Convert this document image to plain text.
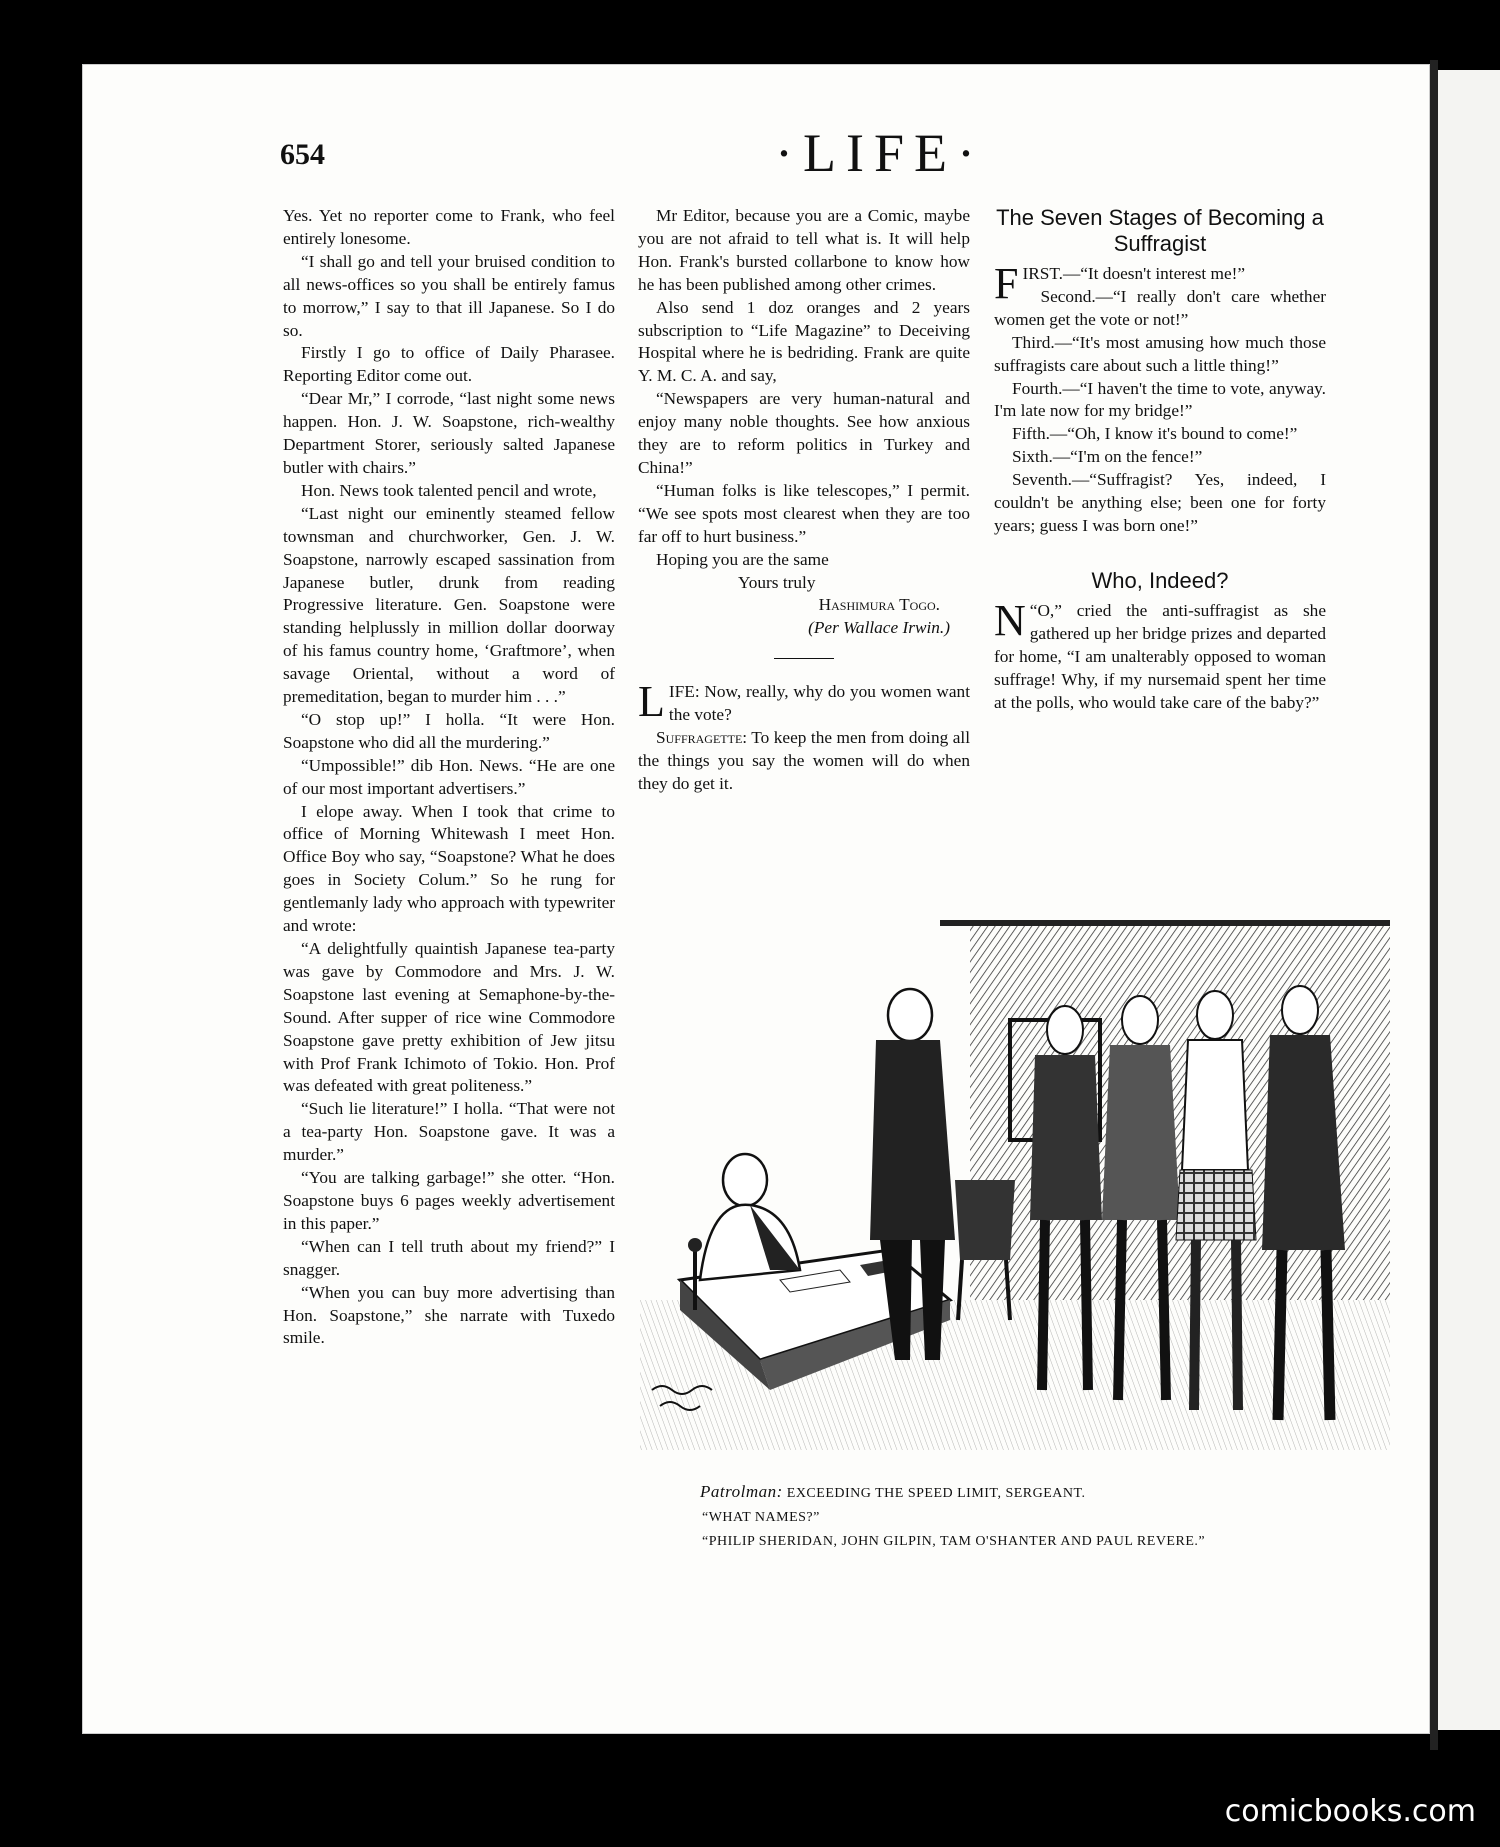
654	·LIFE·

Yes. Yet no reporter come to Frank, who feel entirely lonesome.

“I shall go and tell your bruised condition to all news-offices so you shall be entirely famus to morrow,” I say to that ill Japanese. So I do so.

Firstly I go to office of Daily Pharasee. Reporting Editor come out.

“Dear Mr,” I corrode, “last night some news happen. Hon. J. W. Soapstone, rich-wealthy Department Storer, seriously salted Japanese butler with chairs.”

Hon. News took talented pencil and wrote,

“Last night our eminently steamed fellow townsman and churchworker, Gen. J. W. Soapstone, narrowly escaped sassination from Japanese butler, drunk from reading Progressive literature. Gen. Soapstone were standing helplussly in million dollar doorway of his famus country home, ‘Graftmore’, when savage Oriental, without a word of premeditation, began to murder him . . .”

“O stop up!” I holla. “It were Hon. Soapstone who did all the murdering.”

“Umpossible!” dib Hon. News. “He are one of our most important advertisers.”

I elope away. When I took that crime to office of Morning Whitewash I meet Hon. Office Boy who say, “Soapstone? What he does goes in Society Colum.” So he rung for gentlemanly lady who approach with typewriter and wrote:

“A delightfully quaintish Japanese tea-party was gave by Commodore and Mrs. J. W. Soapstone last evening at Semaphone-by-the-Sound. After supper of rice wine Commodore Soapstone gave pretty exhibition of Jew jitsu with Prof Frank Ichimoto of Tokio. Hon. Prof was defeated with great politeness.”

“Such lie literature!” I holla. “That were not a tea-party Hon. Soapstone gave. It was a murder.”

“You are talking garbage!” she otter. “Hon. Soapstone buys 6 pages weekly advertisement in this paper.”

“When can I tell truth about my friend?” I snagger.

“When you can buy more advertising than Hon. Soapstone,” she narrate with Tuxedo smile.

Mr Editor, because you are a Comic, maybe you are not afraid to tell what is. It will help Hon. Frank's bursted collarbone to know how he has been published among other crimes.

Also send 1 doz oranges and 2 years subscription to “Life Magazine” to Deceiving Hospital where he is bedriding. Frank are quite Y. M. C. A. and say,

“Newspapers are very human-natural and enjoy many noble thoughts. See how anxious they are to reform politics in Turkey and China!”

“Human folks is like telescopes,” I permit. “We see spots most clearest when they are too far off to hurt business.”

Hoping you are the same

Yours truly

Hashimura Togo.

(Per Wallace Irwin.)

LIFE: Now, really, why do you women want the vote?

Suffragette: To keep the men from doing all the things you say the women will do when they do get it.

The Seven Stages of Becoming a Suffragist

FIRST.—“It doesn't interest me!”

Second.—“I really don't care whether women get the vote or not!”

Third.—“It's most amusing how much those suffragists care about such a little thing!”

Fourth.—“I haven't the time to vote, anyway. I'm late now for my bridge!”

Fifth.—“Oh, I know it's bound to come!”

Sixth.—“I'm on the fence!”

Seventh.—“Suffragist? Yes, indeed, I couldn't be anything else; been one for forty years; guess I was born one!”

Who, Indeed?

“
N O,” cried the anti-suffragist as she gathered up her bridge prizes and departed for home, “I am unalterably opposed to woman suffrage! Why, if my nursemaid spent her time at the polls, who would take care of the baby?”

Patrolman: EXCEEDING THE SPEED LIMIT, SERGEANT.
“WHAT NAMES?”
“PHILIP SHERIDAN, JOHN GILPIN, TAM O'SHANTER AND PAUL REVERE.”
comicbooks.com
